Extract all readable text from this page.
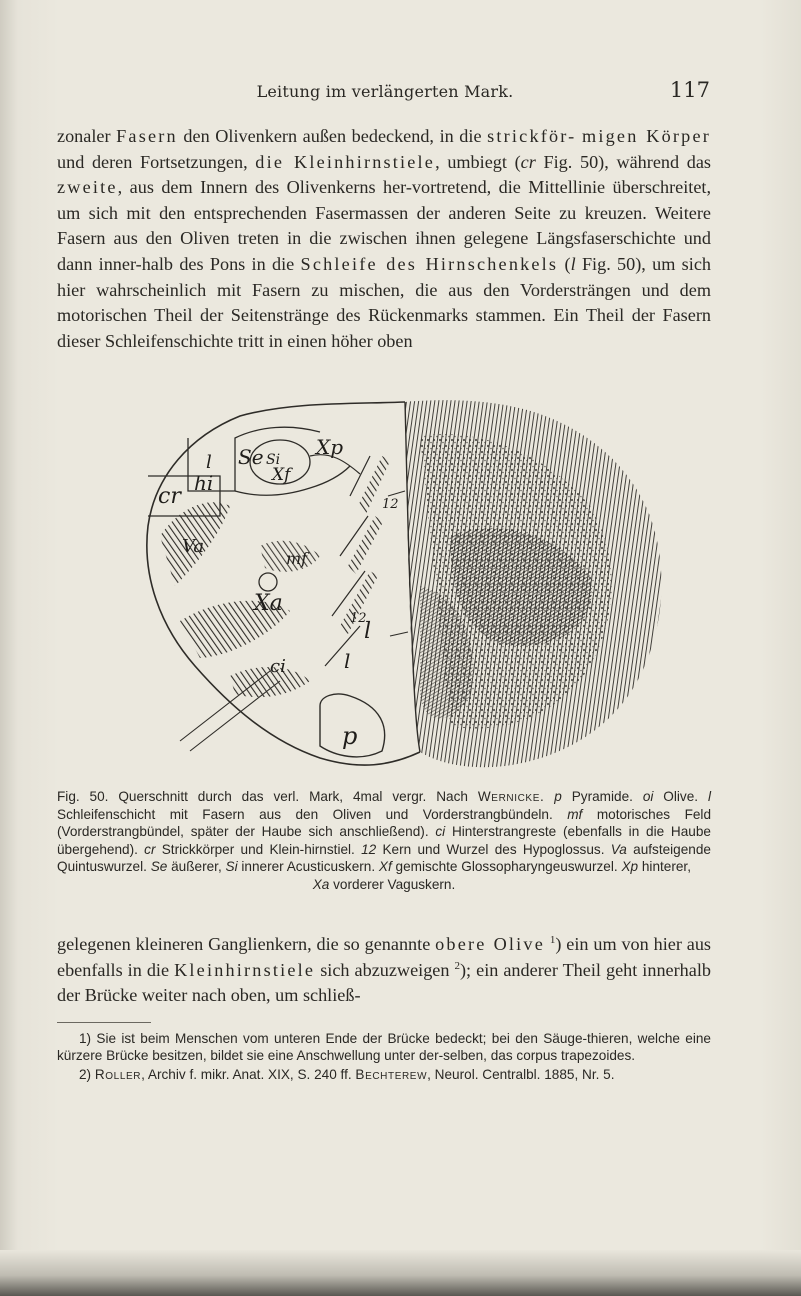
Leitung im verlängerten Mark.	117

zonaler Fasern den Olivenkern außen bedeckend, in die strickför- migen Körper und deren Fortsetzungen, die Kleinhirnstiele, umbiegt (cr Fig. 50), während das zweite, aus dem Innern des Olivenkerns her-vortretend, die Mittellinie überschreitet, um sich mit den entsprechenden Fasermassen der anderen Seite zu kreuzen. Weitere Fasern aus den Oliven treten in die zwischen ihnen gelegene Längsfaserschichte und dann inner-halb des Pons in die Schleife des Hirnschenkels (l Fig. 50), um sich hier wahrscheinlich mit Fasern zu mischen, die aus den Vordersträngen und dem motorischen Theil der Seitenstränge des Rückenmarks stammen. Ein Theil der Fasern dieser Schleifenschichte tritt in einen höher oben

l
hi
Se Si
Xp
Xf
cr	12
Va
mf
Xa
12
l
ci	l
p
Fig. 50. Querschnitt durch das verl. Mark, 4mal vergr. Nach Wernicke. p Pyramide. oi Olive. l Schleifenschicht mit Fasern aus den Oliven und Vorderstrangbündeln. mf motorisches Feld (Vorderstrangbündel, später der Haube sich anschließend). ci Hinterstrangreste (ebenfalls in die Haube übergehend). cr Strickkörper und Klein-hirnstiel. 12 Kern und Wurzel des Hypoglossus. Va aufsteigende Quintuswurzel. Se äußerer, Si innerer Acusticuskern. Xf gemischte Glossopharyngeuswurzel. Xp hinterer,
Xa vorderer Vaguskern.

gelegenen kleineren Ganglienkern, die so genannte obere Olive $^1$) ein um von hier aus ebenfalls in die Kleinhirnstiele sich abzuzweigen $^2$); ein anderer Theil geht innerhalb der Brücke weiter nach oben, um schließ-

1) Sie ist beim Menschen vom unteren Ende der Brücke bedeckt; bei den Säuge-thieren, welche eine kürzere Brücke besitzen, bildet sie eine Anschwellung unter der-selben, das corpus trapezoides.

2) Roller, Archiv f. mikr. Anat. XIX, S. 240 ff. Bechterew, Neurol. Centralbl. 1885, Nr. 5.
